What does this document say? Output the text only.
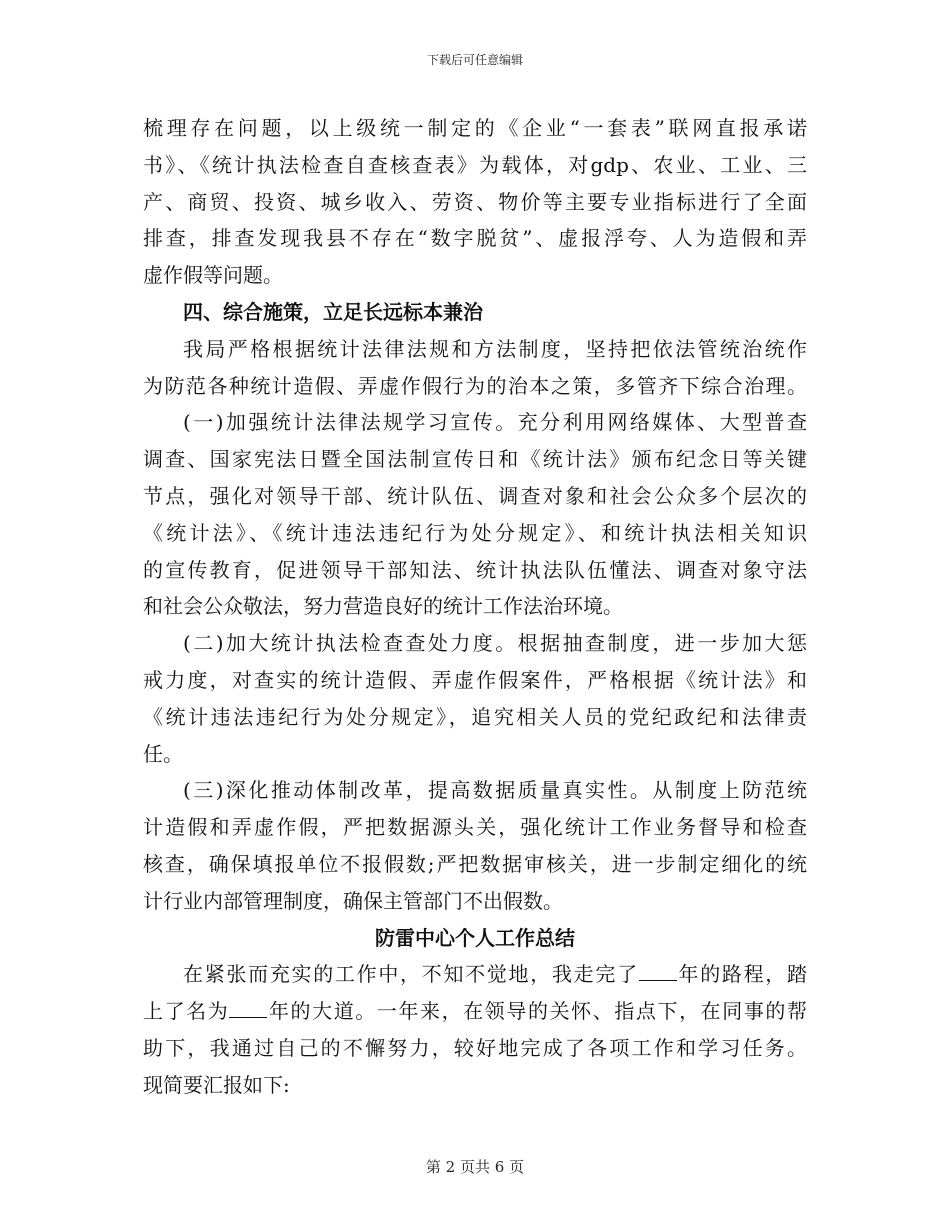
下载后可任意编辑

梳理存在问题，以上级统一制定的《企业“一套表”联网直报承诺

书》、《统计执法检查自查核查表》为载体，对gdp、农业、工业、三

产、商贸、投资、城乡收入、劳资、物价等主要专业指标进行了全面

排查，排查发现我县不存在“数字脱贫”、虚报浮夸、人为造假和弄

虚作假等问题。

四、综合施策，立足长远标本兼治

我局严格根据统计法律法规和方法制度，坚持把依法管统治统作

为防范各种统计造假、弄虚作假行为的治本之策，多管齐下综合治理。

(一)加强统计法律法规学习宣传。充分利用网络媒体、大型普查

调查、国家宪法日暨全国法制宣传日和《统计法》颁布纪念日等关键

节点，强化对领导干部、统计队伍、调查对象和社会公众多个层次的

《统计法》、《统计违法违纪行为处分规定》、和统计执法相关知识

的宣传教育，促进领导干部知法、统计执法队伍懂法、调查对象守法

和社会公众敬法，努力营造良好的统计工作法治环境。

(二)加大统计执法检查查处力度。根据抽查制度，进一步加大惩

戒力度，对查实的统计造假、弄虚作假案件，严格根据《统计法》和

《统计违法违纪行为处分规定》，追究相关人员的党纪政纪和法律责

任。

(三)深化推动体制改革，提高数据质量真实性。从制度上防范统

计造假和弄虚作假，严把数据源头关，强化统计工作业务督导和检查

核查，确保填报单位不报假数;严把数据审核关，进一步制定细化的统

计行业内部管理制度，确保主管部门不出假数。

防雷中心个人工作总结

在紧张而充实的工作中，不知不觉地，我走完了 年的路程，踏

上了名为 年的大道。一年来，在领导的关怀、指点下，在同事的帮

助下，我通过自己的不懈努力，较好地完成了各项工作和学习任务。

现简要汇报如下:

第 2 页共 6 页
